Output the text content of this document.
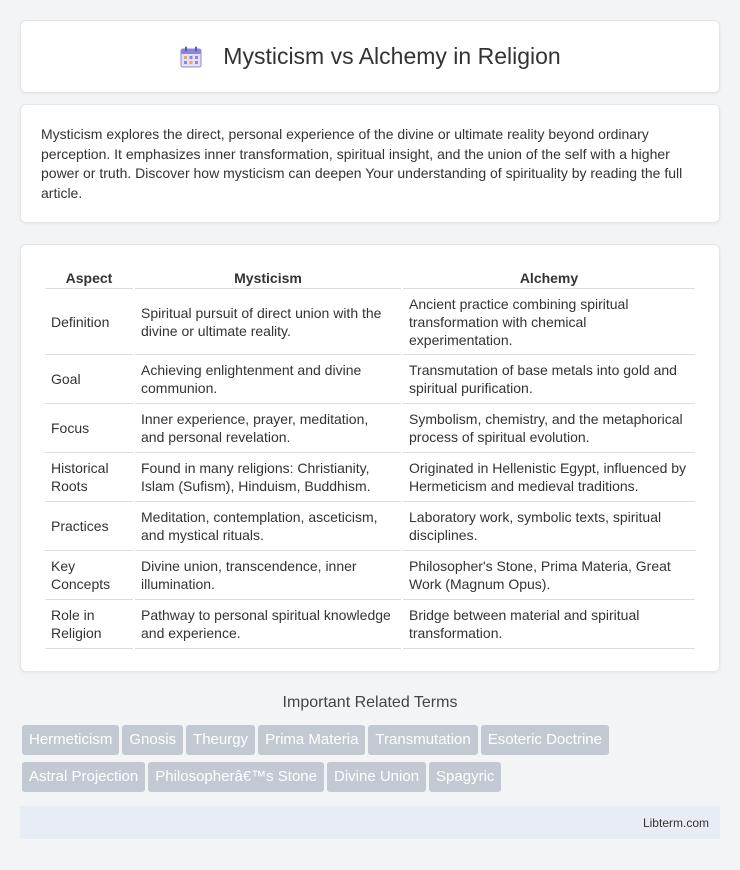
Mysticism vs Alchemy in Religion

Mysticism explores the direct, personal experience of the divine or ultimate reality beyond ordinary perception. It emphasizes inner transformation, spiritual insight, and the union of the self with a higher power or truth. Discover how mysticism can deepen Your understanding of spirituality by reading the full article.

Aspect	Mysticism	Alchemy
Definition	Spiritual pursuit of direct union with the divine or ultimate reality.	Ancient practice combining spiritual transformation with chemical experimentation.
Goal	Achieving enlightenment and divine communion.	Transmutation of base metals into gold and spiritual purification.
Focus	Inner experience, prayer, meditation, and personal revelation.	Symbolism, chemistry, and the metaphorical process of spiritual evolution.
Historical Roots	Found in many religions: Christianity, Islam (Sufism), Hinduism, Buddhism.	Originated in Hellenistic Egypt, influenced by Hermeticism and medieval traditions.
Practices	Meditation, contemplation, asceticism, and mystical rituals.	Laboratory work, symbolic texts, spiritual disciplines.
Key Concepts	Divine union, transcendence, inner illumination.	Philosopher's Stone, Prima Materia, Great Work (Magnum Opus).
Role in Religion	Pathway to personal spiritual knowledge and experience.	Bridge between material and spiritual transformation.
Important Related Terms
Hermeticism Gnosis Theurgy Prima Materia Transmutation Esoteric Doctrine
Astral Projection Philosopherâ€™s Stone Divine Union Spagyric
Libterm.com
